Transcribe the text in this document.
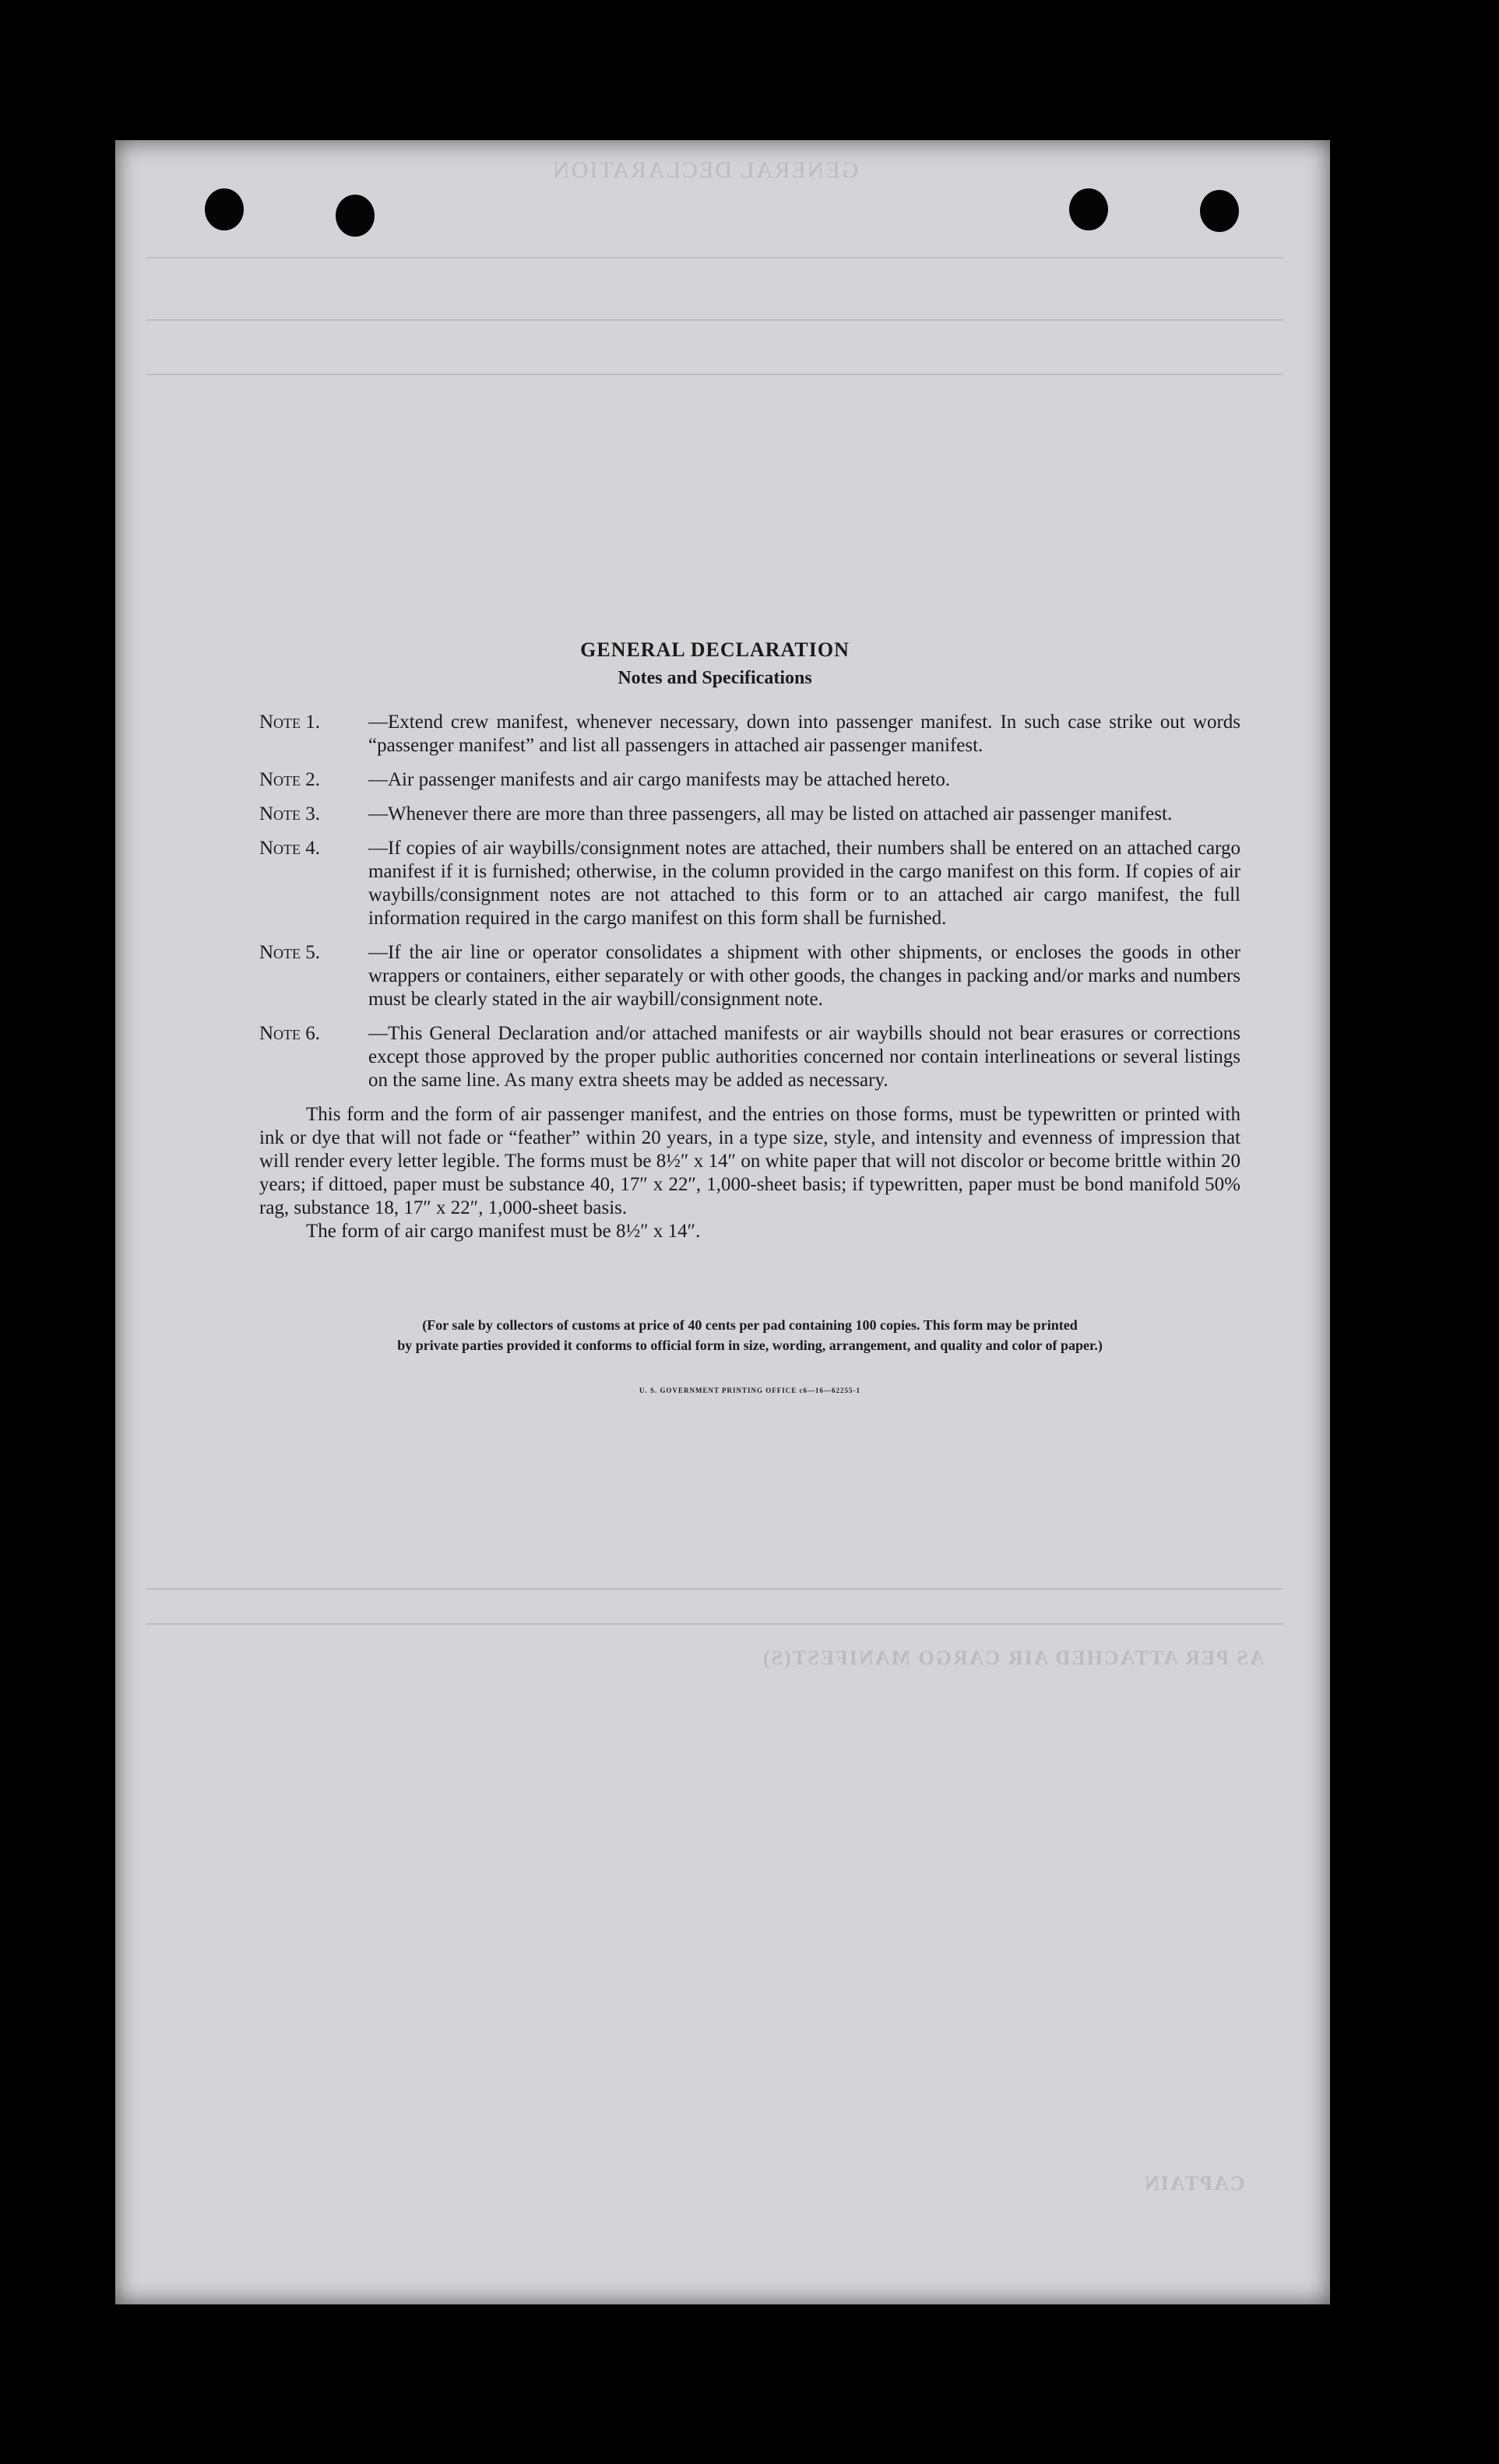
GENERAL DECLARATION
AS PER ATTACHED AIR CARGO MANIFEST(S)
CAPTAIN
GENERAL DECLARATION
Notes and Specifications
Note 1.	—Extend crew manifest, whenever necessary, down into passenger manifest. In such case strike out words “passenger manifest” and list all passengers in attached air passenger manifest.
Note 2.	—Air passenger manifests and air cargo manifests may be attached hereto.
Note 3.	—Whenever there are more than three passengers, all may be listed on attached air passenger manifest.
Note 4.	—If copies of air waybills/consignment notes are attached, their numbers shall be entered on an attached cargo manifest if it is furnished; otherwise, in the column provided in the cargo manifest on this form. If copies of air waybills/consignment notes are not attached to this form or to an attached air cargo manifest, the full information required in the cargo manifest on this form shall be furnished.
Note 5.	—If the air line or operator consolidates a shipment with other shipments, or encloses the goods in other wrappers or containers, either separately or with other goods, the changes in packing and/or marks and numbers must be clearly stated in the air waybill/consignment note.
Note 6.	—This General Declaration and/or attached manifests or air waybills should not bear erasures or corrections except those approved by the proper public authorities concerned nor contain interlineations or several listings on the same line. As many extra sheets may be added as necessary.
This form and the form of air passenger manifest, and the entries on those forms, must be typewritten or printed with ink or dye that will not fade or “feather” within 20 years, in a type size, style, and intensity and evenness of impression that will render every letter legible. The forms must be 8½″ x 14″ on white paper that will not discolor or become brittle within 20 years; if dittoed, paper must be substance 40, 17″ x 22″, 1,000-sheet basis; if typewritten, paper must be bond manifold 50% rag, substance 18, 17″ x 22″, 1,000-sheet basis.
The form of air cargo manifest must be 8½″ x 14″.
(For sale by collectors of customs at price of 40 cents per pad containing 100 copies. This form may be printed
by private parties provided it conforms to official form in size, wording, arrangement, and quality and color of paper.)
U. S. GOVERNMENT PRINTING OFFICE c6—16—62255-1
